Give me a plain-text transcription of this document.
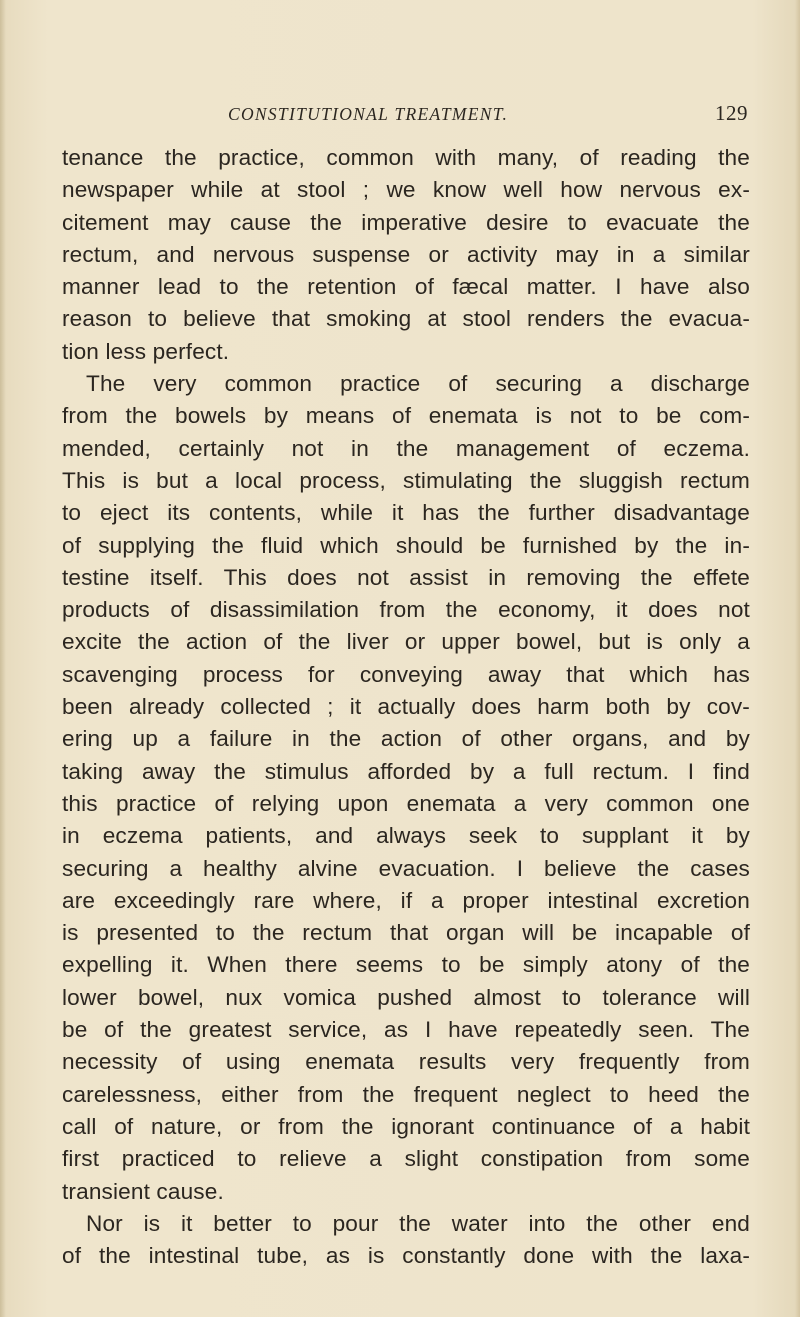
CONSTITUTIONAL TREATMENT.	129
tenance the practice, common with many, of reading the
newspaper while at stool ; we know well how nervous ex-
citement may cause the imperative desire to evacuate the
rectum, and nervous suspense or activity may in a similar
manner lead to the retention of fæcal matter. I have also
reason to believe that smoking at stool renders the evacua-
tion less perfect.
The very common practice of securing a discharge
from the bowels by means of enemata is not to be com-
mended, certainly not in the management of eczema.
This is but a local process, stimulating the sluggish rectum
to eject its contents, while it has the further disadvantage
of supplying the fluid which should be furnished by the in-
testine itself. This does not assist in removing the effete
products of disassimilation from the economy, it does not
excite the action of the liver or upper bowel, but is only a
scavenging process for conveying away that which has
been already collected ; it actually does harm both by cov-
ering up a failure in the action of other organs, and by
taking away the stimulus afforded by a full rectum. I find
this practice of relying upon enemata a very common one
in eczema patients, and always seek to supplant it by
securing a healthy alvine evacuation. I believe the cases
are exceedingly rare where, if a proper intestinal excretion
is presented to the rectum that organ will be incapable of
expelling it. When there seems to be simply atony of the
lower bowel, nux vomica pushed almost to tolerance will
be of the greatest service, as I have repeatedly seen. The
necessity of using enemata results very frequently from
carelessness, either from the frequent neglect to heed the
call of nature, or from the ignorant continuance of a habit
first practiced to relieve a slight constipation from some
transient cause.
Nor is it better to pour the water into the other end
of the intestinal tube, as is constantly done with the laxa-
